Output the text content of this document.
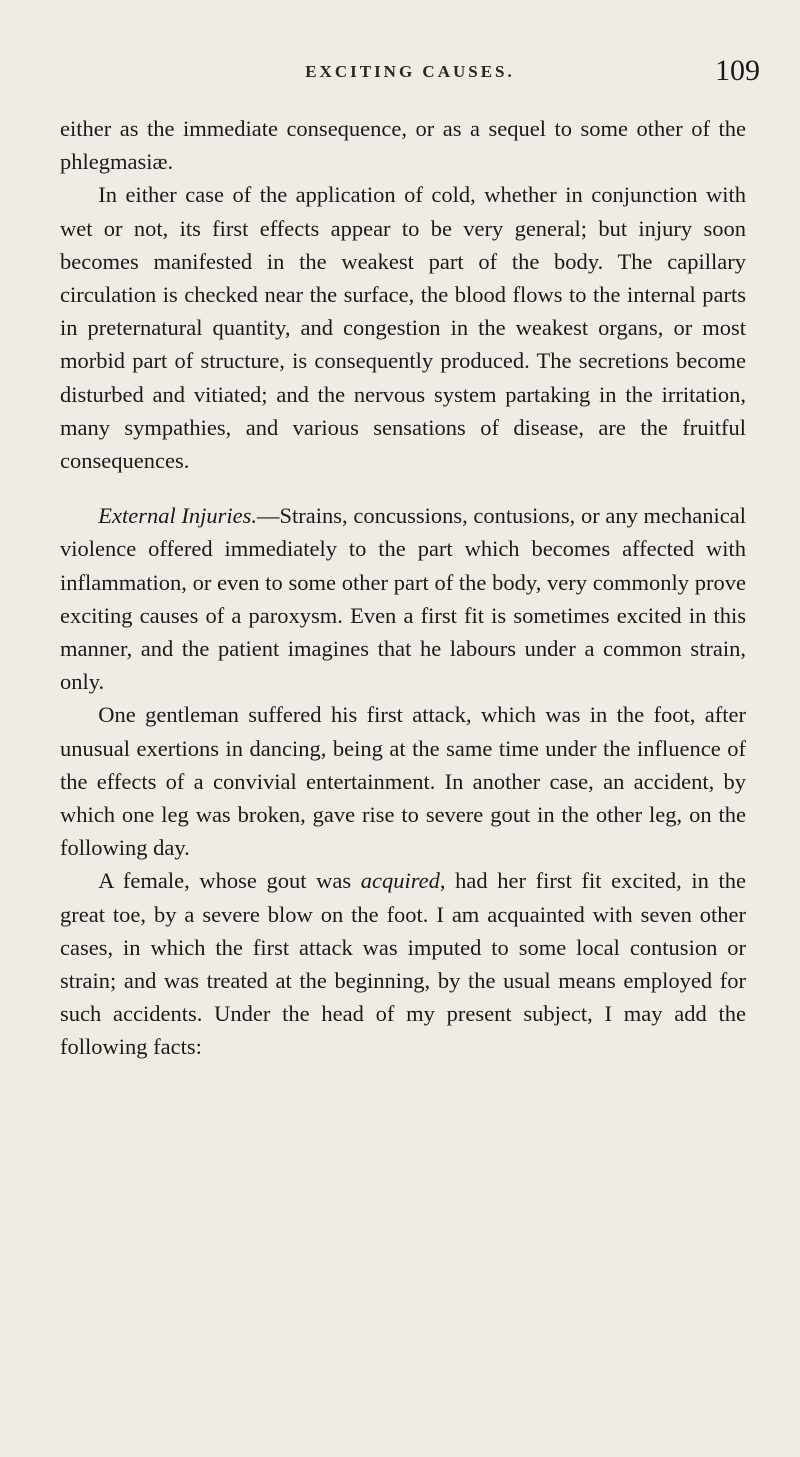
EXCITING CAUSES.	109

either as the immediate consequence, or as a sequel to some other of the phlegmasiæ.

In either case of the application of cold, whether in conjunction with wet or not, its first effects appear to be very general; but injury soon becomes manifested in the weakest part of the body. The capillary circulation is checked near the surface, the blood flows to the internal parts in preternatural quantity, and congestion in the weakest organs, or most morbid part of structure, is consequently produced. The secretions become disturbed and vitiated; and the nervous system partaking in the irritation, many sympathies, and various sensations of disease, are the fruitful consequences.

External Injuries.—Strains, concussions, contusions, or any mechanical violence offered immediately to the part which becomes affected with inflammation, or even to some other part of the body, very commonly prove exciting causes of a paroxysm. Even a first fit is sometimes excited in this manner, and the patient imagines that he labours under a common strain, only.

One gentleman suffered his first attack, which was in the foot, after unusual exertions in dancing, being at the same time under the influence of the effects of a convivial entertainment. In another case, an accident, by which one leg was broken, gave rise to severe gout in the other leg, on the following day.

A female, whose gout was acquired, had her first fit excited, in the great toe, by a severe blow on the foot. I am acquainted with seven other cases, in which the first attack was imputed to some local contusion or strain; and was treated at the beginning, by the usual means employed for such accidents. Under the head of my present subject, I may add the following facts:
